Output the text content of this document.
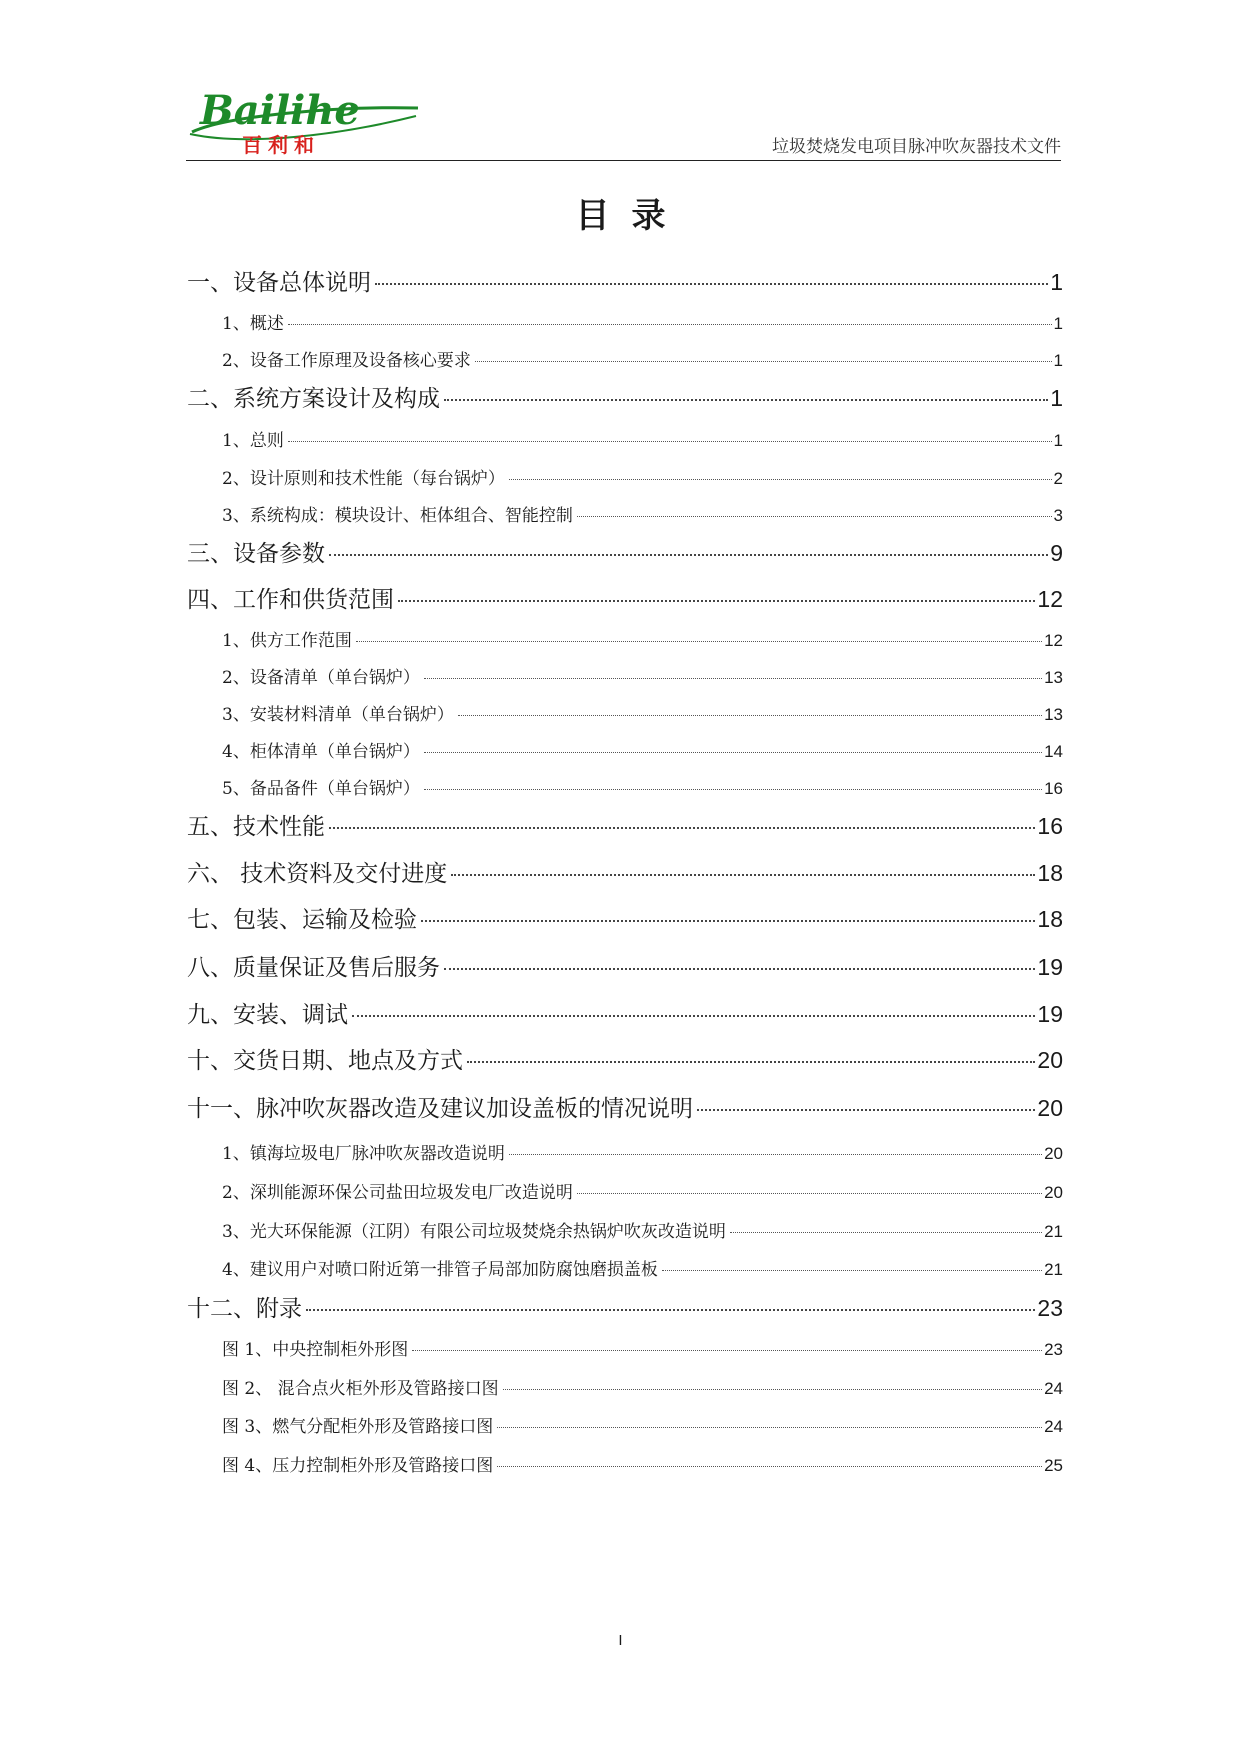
Bailihe
百利和	垃圾焚烧发电项目脉冲吹灰器技术文件
目录
一、设备总体说明	1
1、概述	1
2、设备工作原理及设备核心要求	1
二、系统方案设计及构成	1
1、总则	1
2、设计原则和技术性能（每台锅炉）	2
3、系统构成：模块设计、柜体组合、智能控制	3
三、设备参数	9
四、工作和供货范围	12
1、供方工作范围	12
2、设备清单（单台锅炉）	13
3、安装材料清单（单台锅炉）	13
4、柜体清单（单台锅炉）	14
5、备品备件（单台锅炉）	16
五、技术性能	16
六、 技术资料及交付进度	18
七、包装、运输及检验	18
八、质量保证及售后服务	19
九、安装、调试	19
十、交货日期、地点及方式	20
十一、脉冲吹灰器改造及建议加设盖板的情况说明	20
1、镇海垃圾电厂脉冲吹灰器改造说明	20
2、深圳能源环保公司盐田垃圾发电厂改造说明	20
3、光大环保能源（江阴）有限公司垃圾焚烧余热锅炉吹灰改造说明	21
4、建议用户对喷口附近第一排管子局部加防腐蚀磨损盖板	21
十二、附录	23
图 1、中央控制柜外形图	23
图 2、 混合点火柜外形及管路接口图	24
图 3、燃气分配柜外形及管路接口图	24
图 4、压力控制柜外形及管路接口图	25
I
